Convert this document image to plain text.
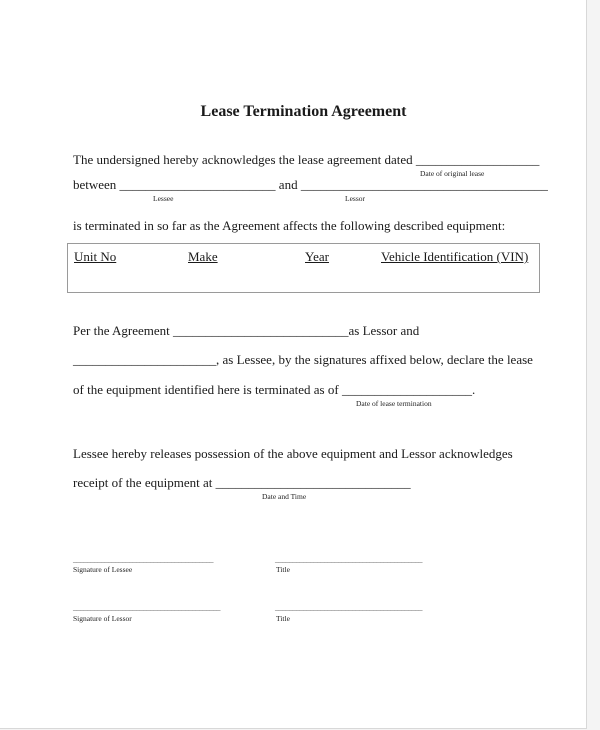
Lease Termination Agreement
The undersigned hereby acknowledges the lease agreement dated ___________________
Date of original lease
between ________________________ and ______________________________________
Lessee	Lessor
is terminated in so far as the Agreement affects the following described equipment:
Unit No	Make	Year	Vehicle Identification (VIN)
Per the Agreement ___________________________as Lessor and
______________________, as Lessee, by the signatures affixed below, declare the lease
of the equipment identified here is terminated as of ____________________.
Date of lease termination
Lessee hereby releases possession of the above equipment and Lessor acknowledges
receipt of the equipment at ______________________________
Date and Time
________________________________________
Signature of Lessee
__________________________________________
Title
__________________________________________
Signature of Lessor
__________________________________________
Title
